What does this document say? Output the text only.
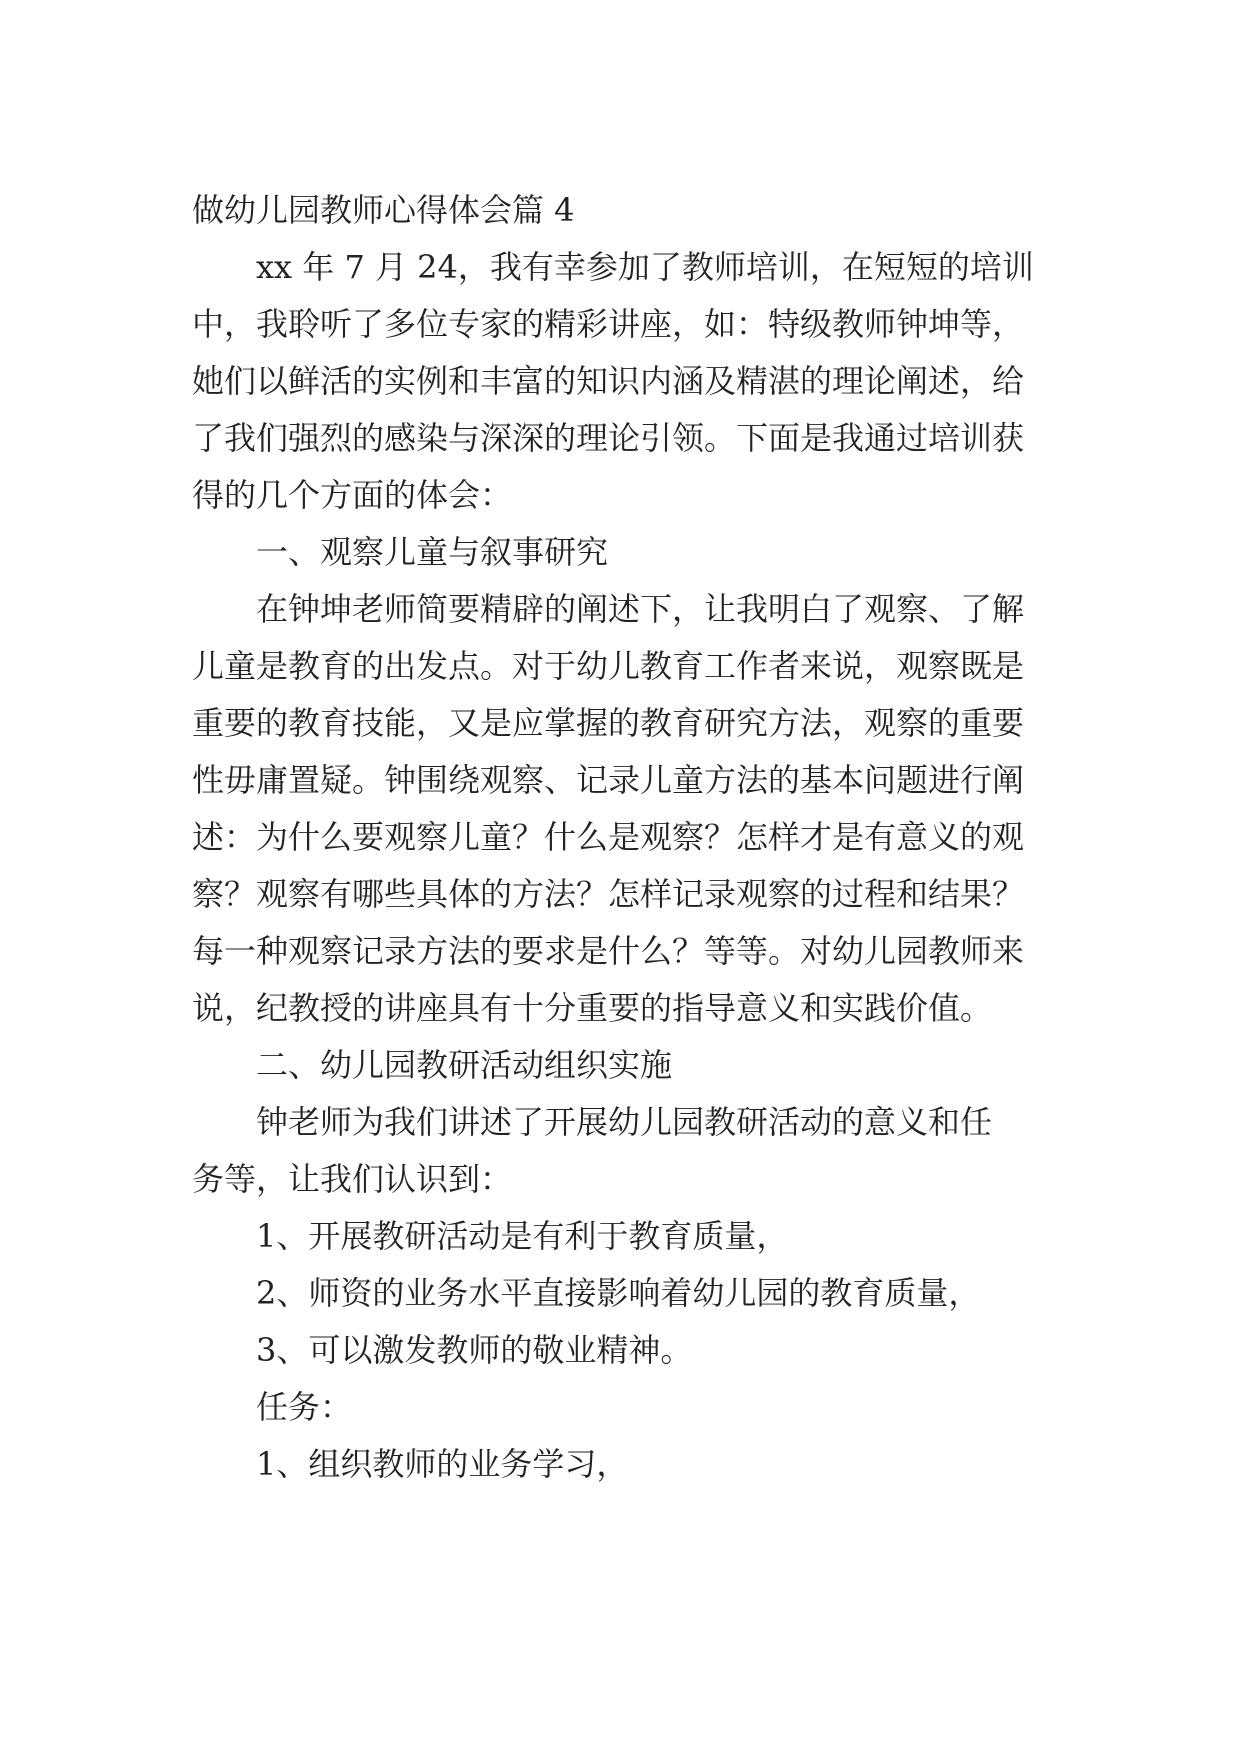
做幼儿园教师心得体会篇 4
xx 年 7 月 24，我有幸参加了教师培训，在短短的培训
中，我聆听了多位专家的精彩讲座，如：特级教师钟坤等，
她们以鲜活的实例和丰富的知识内涵及精湛的理论阐述，给
了我们强烈的感染与深深的理论引领。下面是我通过培训获
得的几个方面的体会：
一、观察儿童与叙事研究
在钟坤老师简要精辟的阐述下，让我明白了观察、了解
儿童是教育的出发点。对于幼儿教育工作者来说，观察既是
重要的教育技能，又是应掌握的教育研究方法，观察的重要
性毋庸置疑。钟围绕观察、记录儿童方法的基本问题进行阐
述：为什么要观察儿童？什么是观察？怎样才是有意义的观
察？观察有哪些具体的方法？怎样记录观察的过程和结果？
每一种观察记录方法的要求是什么？等等。对幼儿园教师来
说，纪教授的讲座具有十分重要的指导意义和实践价值。
二、幼儿园教研活动组织实施
钟老师为我们讲述了开展幼儿园教研活动的意义和任
务等，让我们认识到：
1、开展教研活动是有利于教育质量，
2、师资的业务水平直接影响着幼儿园的教育质量，
3、可以激发教师的敬业精神。
任务：
1、组织教师的业务学习，
